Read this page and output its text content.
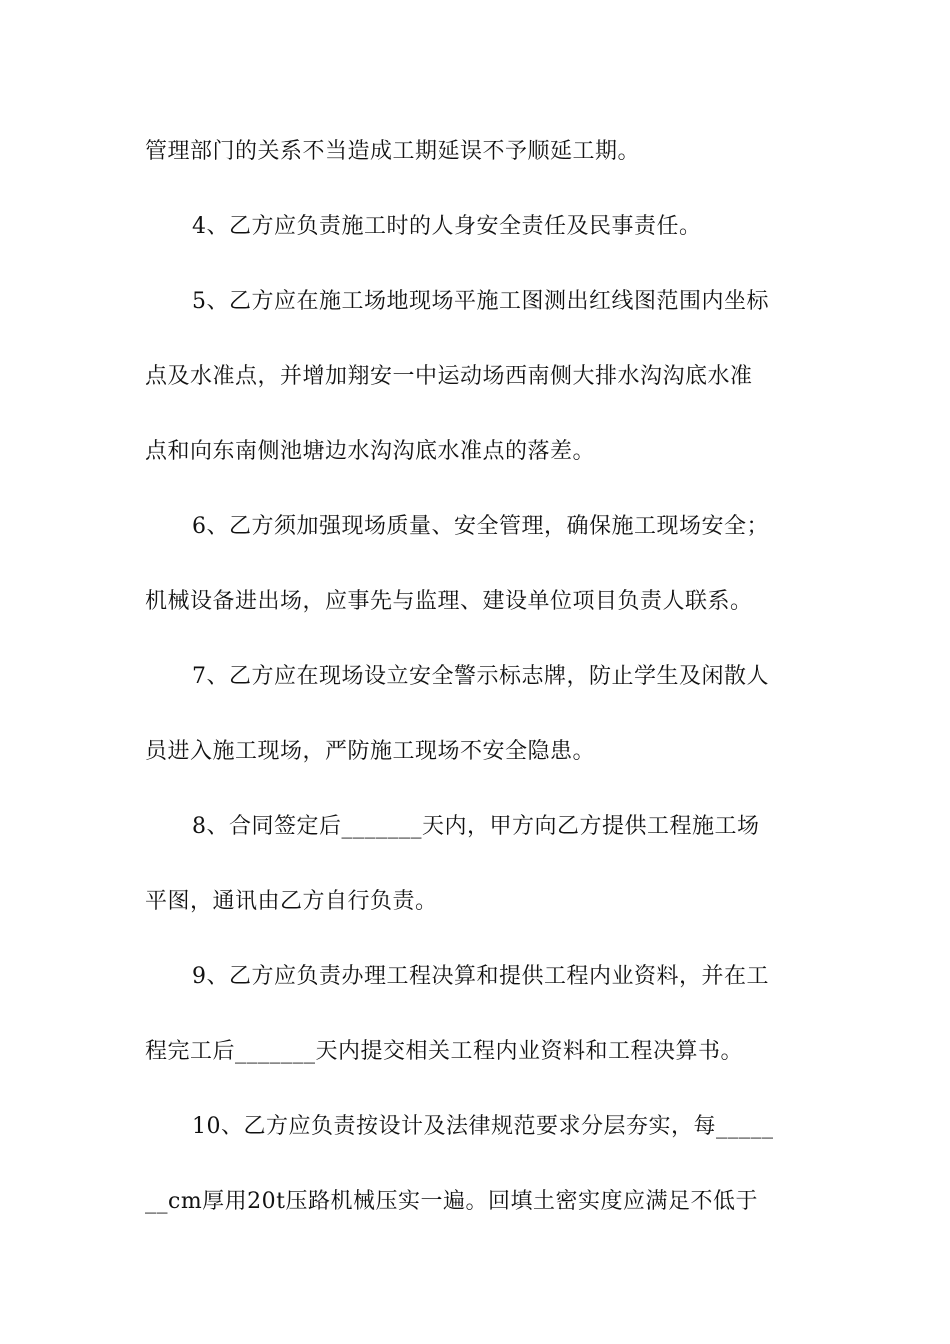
管理部门的关系不当造成工期延误不予顺延工期。
4、乙方应负责施工时的人身安全责任及民事责任。
5、乙方应在施工场地现场平施工图测出红线图范围内坐标
点及水准点，并增加翔安一中运动场西南侧大排水沟沟底水准
点和向东南侧池塘边水沟沟底水准点的落差。
6、乙方须加强现场质量、安全管理，确保施工现场安全；
机械设备进出场，应事先与监理、建设单位项目负责人联系。
7、乙方应在现场设立安全警示标志牌，防止学生及闲散人
员进入施工现场，严防施工现场不安全隐患。
8、合同签定后_______天内，甲方向乙方提供工程施工场
平图，通讯由乙方自行负责。
9、乙方应负责办理工程决算和提供工程内业资料，并在工
程完工后_______天内提交相关工程内业资料和工程决算书。
10、乙方应负责按设计及法律规范要求分层夯实，每_____
__cm厚用20t压路机械压实一遍。回填土密实度应满足不低于
